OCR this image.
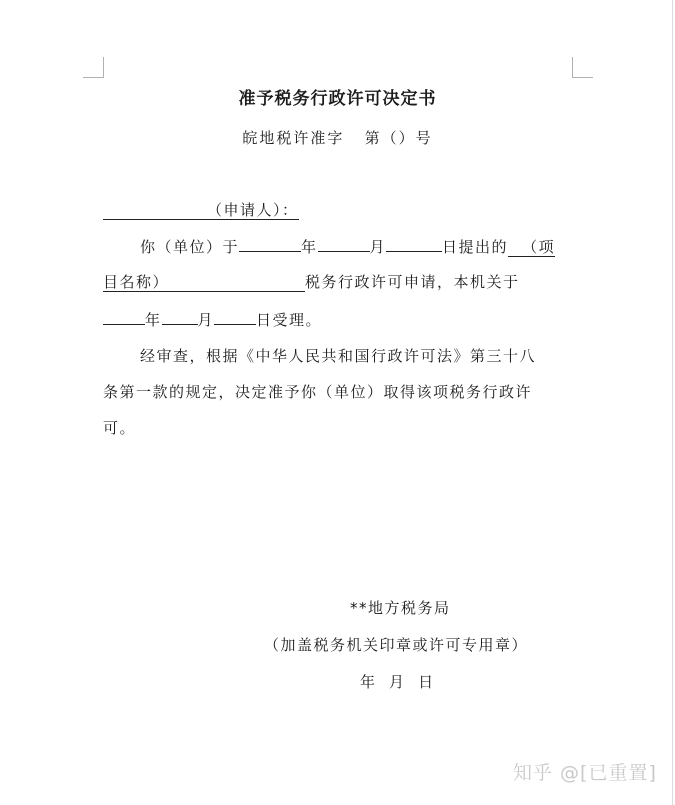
准予税务行政许可决定书
皖地税许准字   第（）号
（申请人）：
你（单位）于	年	月	日提出的 （项
目名称）	税务行政许可申请，本机关于
年 月	日受理。
经审查，根据《中华人民共和国行政许可法》第三十八
条第一款的规定，决定准予你（单位）取得该项税务行政许
可。
**地方税务局
（加盖税务机关印章或许可专用章）
年  月  日
知乎 @[已重置]
